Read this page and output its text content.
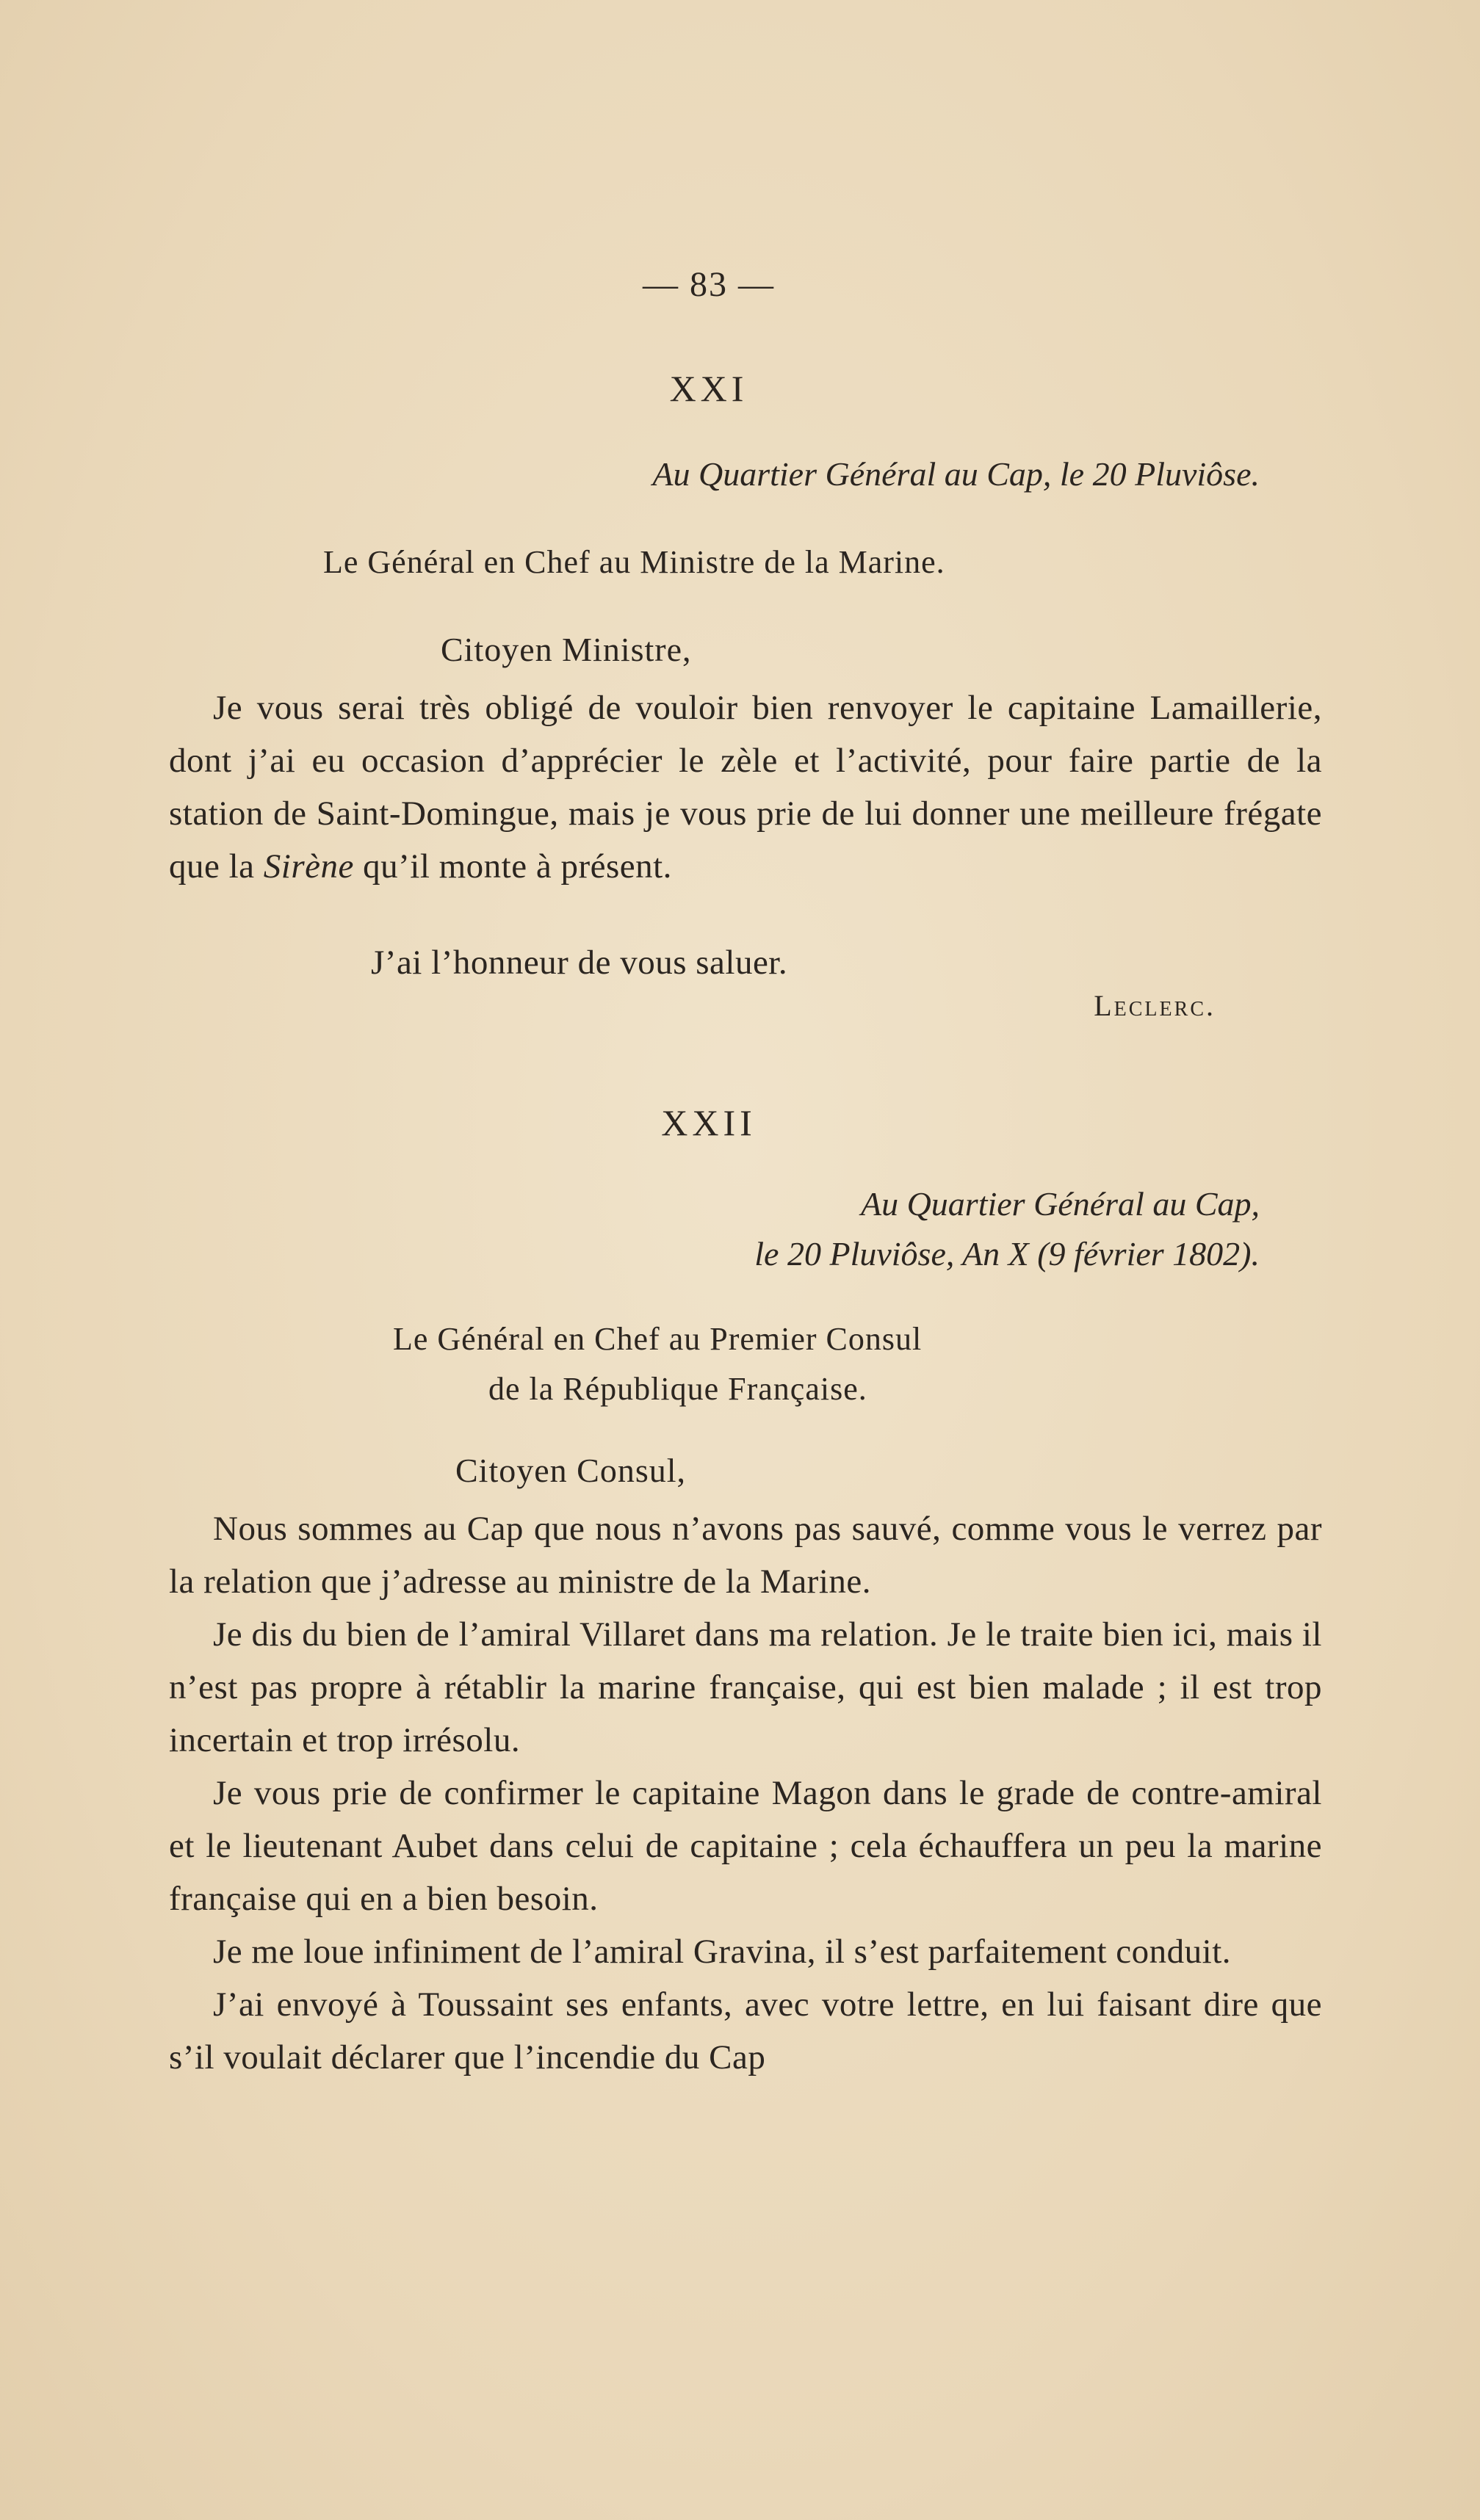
— 83 —
XXI
Au Quartier Général au Cap, le 20 Pluviôse.
Le Général en Chef au Ministre de la Marine.
Citoyen Ministre,

Je vous serai très obligé de vouloir bien renvoyer le capitaine Lamaillerie, dont j’ai eu occasion d’apprécier le zèle et l’activité, pour faire partie de la station de Saint-Domingue, mais je vous prie de lui donner une meilleure frégate que la Sirène qu’il monte à présent.

J’ai l’honneur de vous saluer.
Leclerc.
XXII
Au Quartier Général au Cap,
le 20 Pluviôse, An X (9 février 1802).
Le Général en Chef au Premier Consul
de la République Française.
Citoyen Consul,

Nous sommes au Cap que nous n’avons pas sauvé, comme vous le verrez par la relation que j’adresse au ministre de la Marine.

Je dis du bien de l’amiral Villaret dans ma relation. Je le traite bien ici, mais il n’est pas propre à rétablir la marine française, qui est bien malade ; il est trop incertain et trop irrésolu.

Je vous prie de confirmer le capitaine Magon dans le grade de contre-amiral et le lieutenant Aubet dans celui de capitaine ; cela échauffera un peu la marine française qui en a bien besoin.

Je me loue infiniment de l’amiral Gravina, il s’est parfaitement conduit.

J’ai envoyé à Toussaint ses enfants, avec votre lettre, en lui faisant dire que s’il voulait déclarer que l’incendie du Cap
